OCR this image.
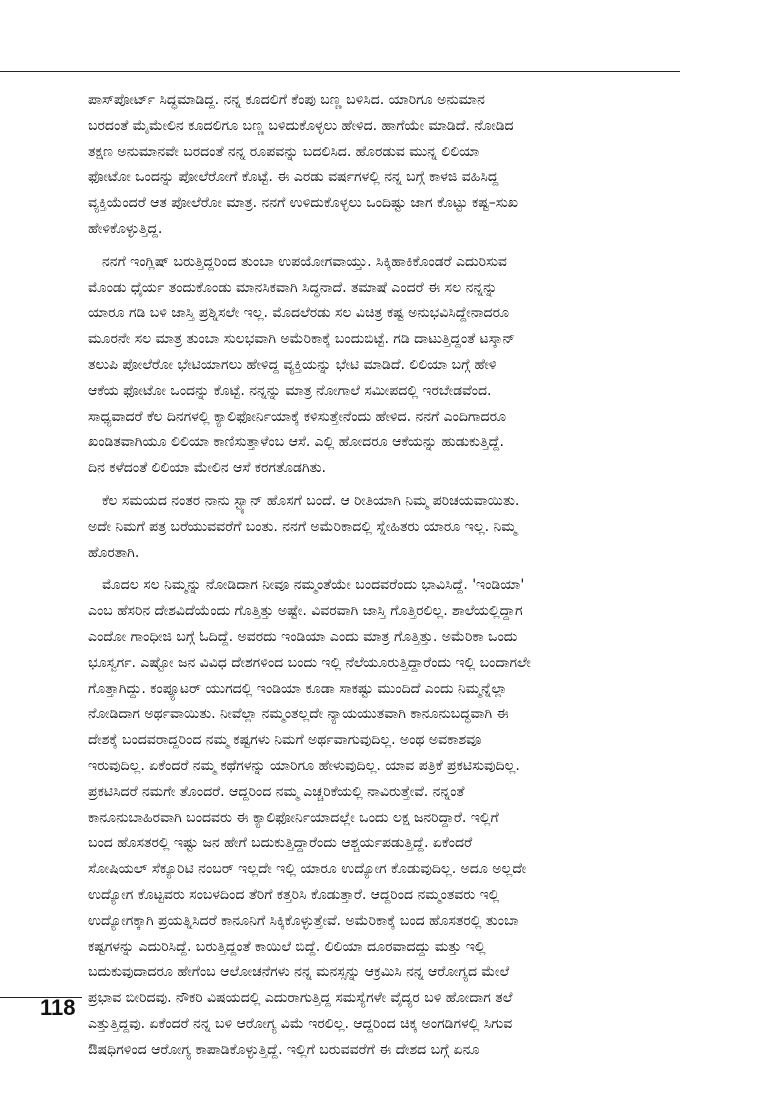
ಪಾಸ್‌ಪೋರ್ಟ್ ಸಿದ್ಧಮಾಡಿದ್ದ. ನನ್ನ ಕೂದಲಿಗೆ ಕೆಂಪು ಬಣ್ಣ ಬಳಿಸಿದ. ಯಾರಿಗೂ ಅನುಮಾನ
ಬರದಂತೆ ಮೈಮೇಲಿನ ಕೂದಲಿಗೂ ಬಣ್ಣ ಬಳಿದುಕೊಳ್ಳಲು ಹೇಳಿದ. ಹಾಗೆಯೇ ಮಾಡಿದೆ. ನೋಡಿದ
ತಕ್ಷಣ ಅನುಮಾನವೇ ಬರದಂತೆ ನನ್ನ ರೂಪವನ್ನು ಬದಲಿಸಿದ. ಹೊರಡುವ ಮುನ್ನ ಲಿಲಿಯಾ
ಫೋಟೋ ಒಂದನ್ನು ಪೋಲೆರೋಗೆ ಕೊಟ್ಟೆ. ಈ ಎರಡು ವರ್ಷಗಳಲ್ಲಿ ನನ್ನ ಬಗ್ಗೆ ಕಾಳಜಿ ವಹಿಸಿದ್ದ
ವ್ಯಕ್ತಿಯೆಂದರೆ ಆತ ಪೋಲೆರೋ ಮಾತ್ರ. ನನಗೆ ಉಳಿದುಕೊಳ್ಳಲು ಒಂದಿಷ್ಟು ಜಾಗ ಕೊಟ್ಟು ಕಷ್ಟ–ಸುಖ
ಹೇಳಿಕೊಳ್ಳುತ್ತಿದ್ದ.
ನನಗೆ ಇಂಗ್ಲಿಷ್ ಬರುತ್ತಿದ್ದರಿಂದ ತುಂಬಾ ಉಪಯೋಗವಾಯ್ತು. ಸಿಕ್ಕಿಹಾಕಿಕೊಂಡರೆ ಎದುರಿಸುವ
ಮೊಂಡು ಧೈರ್ಯ ತಂದುಕೊಂಡು ಮಾನಸಿಕವಾಗಿ ಸಿದ್ಧನಾದೆ. ತಮಾಷೆ ಎಂದರೆ ಈ ಸಲ ನನ್ನನ್ನು
ಯಾರೂ ಗಡಿ ಬಳಿ ಜಾಸ್ತಿ ಪ್ರಶ್ನಿಸಲೇ ಇಲ್ಲ. ಮೊದಲೆರಡು ಸಲ ವಿಚಿತ್ರ ಕಷ್ಟ ಅನುಭವಿಸಿದ್ದೇನಾದರೂ
ಮೂರನೇ ಸಲ ಮಾತ್ರ ತುಂಬಾ ಸುಲಭವಾಗಿ ಅಮೆರಿಕಾಕ್ಕೆ ಬಂದುಬಿಟ್ಟೆ. ಗಡಿ ದಾಟುತ್ತಿದ್ದಂತೆ ಟಸ್ಕಾನ್
ತಲುಪಿ ಪೋಲೆರೋ ಭೇಟಿಯಾಗಲು ಹೇಳಿದ್ದ ವ್ಯಕ್ತಿಯನ್ನು ಭೇಟಿ ಮಾಡಿದೆ. ಲಿಲಿಯಾ ಬಗ್ಗೆ ಹೇಳಿ
ಆಕೆಯ ಫೋಟೋ ಒಂದನ್ನು ಕೊಟ್ಟೆ. ನನ್ನನ್ನು ಮಾತ್ರ ನೋಗಾಲೆ ಸಮೀಪದಲ್ಲಿ ಇರಬೇಡವೆಂದ.
ಸಾಧ್ಯವಾದರೆ ಕೆಲ ದಿನಗಳಲ್ಲಿ ಕ್ಯಾಲಿಫೋರ್ನಿಯಾಕ್ಕೆ ಕಳಿಸುತ್ತೇನೆಂದು ಹೇಳಿದ. ನನಗೆ ಎಂದಿಗಾದರೂ
ಖಂಡಿತವಾಗಿಯೂ ಲಿಲಿಯಾ ಕಾಣಿಸುತ್ತಾಳೆಂಬ ಆಸೆ. ಎಲ್ಲಿ ಹೋದರೂ ಆಕೆಯನ್ನು ಹುಡುಕುತ್ತಿದ್ದೆ.
ದಿನ ಕಳೆದಂತೆ ಲಿಲಿಯಾ ಮೇಲಿನ ಆಸೆ ಕರಗತೊಡಗಿತು.
ಕೆಲ ಸಮಯದ ನಂತರ ನಾನು ಸ್ಟ್ಯಾನ್ ಹೊಸಗೆ ಬಂದೆ. ಆ ರೀತಿಯಾಗಿ ನಿಮ್ಮ ಪರಿಚಯವಾಯಿತು.
ಅದೇ ನಿಮಗೆ ಪತ್ರ ಬರೆಯುವವರೆಗೆ ಬಂತು. ನನಗೆ ಅಮೆರಿಕಾದಲ್ಲಿ ಸ್ನೇಹಿತರು ಯಾರೂ ಇಲ್ಲ. ನಿಮ್ಮ
ಹೊರತಾಗಿ.
ಮೊದಲ ಸಲ ನಿಮ್ಮನ್ನು ನೋಡಿದಾಗ ನೀವೂ ನಮ್ಮಂತೆಯೇ ಬಂದವರೆಂದು ಭಾವಿಸಿದ್ದೆ. 'ಇಂಡಿಯಾ'
ಎಂಬ ಹೆಸರಿನ ದೇಶವಿದೆಯೆಂದು ಗೊತ್ತಿತ್ತು ಅಷ್ಟೇ. ವಿವರವಾಗಿ ಜಾಸ್ತಿ ಗೊತ್ತಿರಲಿಲ್ಲ. ಶಾಲೆಯಲ್ಲಿದ್ದಾಗ
ಎಂದೋ ಗಾಂಧೀಜಿ ಬಗ್ಗೆ ಓದಿದ್ದೆ. ಅವರದು ಇಂಡಿಯಾ ಎಂದು ಮಾತ್ರ ಗೊತ್ತಿತ್ತು. ಅಮೆರಿಕಾ ಒಂದು
ಭೂಸ್ವರ್ಗ. ಎಷ್ಟೋ ಜನ ವಿವಿಧ ದೇಶಗಳಿಂದ ಬಂದು ಇಲ್ಲಿ ನೆಲೆಯೂರುತ್ತಿದ್ದಾರೆಂದು ಇಲ್ಲಿ ಬಂದಾಗಲೇ
ಗೊತ್ತಾಗಿದ್ದು. ಕಂಪ್ಯೂಟರ್ ಯುಗದಲ್ಲಿ ಇಂಡಿಯಾ ಕೂಡಾ ಸಾಕಷ್ಟು ಮುಂದಿದೆ ಎಂದು ನಿಮ್ಮನ್ನೆಲ್ಲಾ
ನೋಡಿದಾಗ ಅರ್ಥವಾಯಿತು. ನೀವೆಲ್ಲಾ ನಮ್ಮಂತಲ್ಲದೇ ನ್ಯಾಯಯುತವಾಗಿ ಕಾನೂನುಬದ್ಧವಾಗಿ ಈ
ದೇಶಕ್ಕೆ ಬಂದವರಾದ್ದರಿಂದ ನಮ್ಮ ಕಷ್ಟಗಳು ನಿಮಗೆ ಅರ್ಥವಾಗುವುದಿಲ್ಲ. ಅಂಥ ಅವಕಾಶವೂ
ಇರುವುದಿಲ್ಲ. ಏಕೆಂದರೆ ನಮ್ಮ ಕಥೆಗಳನ್ನು ಯಾರಿಗೂ ಹೇಳುವುದಿಲ್ಲ. ಯಾವ ಪತ್ರಿಕೆ ಪ್ರಕಟಿಸುವುದಿಲ್ಲ.
ಪ್ರಕಟಿಸಿದರೆ ನಮಗೇ ತೊಂದರೆ. ಆದ್ದರಿಂದ ನಮ್ಮ ಎಚ್ಚರಿಕೆಯಲ್ಲಿ ನಾವಿರುತ್ತೇವೆ. ನನ್ನಂತೆ
ಕಾನೂನುಬಾಹಿರವಾಗಿ ಬಂದವರು ಈ ಕ್ಯಾಲಿಫೋರ್ನಿಯಾದಲ್ಲೇ ಒಂದು ಲಕ್ಷ ಜನರಿದ್ದಾರೆ. ಇಲ್ಲಿಗೆ
ಬಂದ ಹೊಸತರಲ್ಲಿ ಇಷ್ಟು ಜನ ಹೇಗೆ ಬದುಕುತ್ತಿದ್ದಾರೆಂದು ಆಶ್ಚರ್ಯಪಡುತ್ತಿದ್ದೆ. ಏಕೆಂದರೆ
ಸೋಷಿಯಲ್ ಸೆಕ್ಯೂರಿಟಿ ನಂಬರ್ ಇಲ್ಲದೇ ಇಲ್ಲಿ ಯಾರೂ ಉದ್ಯೋಗ ಕೊಡುವುದಿಲ್ಲ. ಅದೂ ಅಲ್ಲದೇ
ಉದ್ಯೋಗ ಕೊಟ್ಟವರು ಸಂಬಳದಿಂದ ತೆರಿಗೆ ಕತ್ತರಿಸಿ ಕೊಡುತ್ತಾರೆ. ಆದ್ದರಿಂದ ನಮ್ಮಂತವರು ಇಲ್ಲಿ
ಉದ್ಯೋಗಕ್ಕಾಗಿ ಪ್ರಯತ್ನಿಸಿದರೆ ಕಾನೂನಿಗೆ ಸಿಕ್ಕಿಕೊಳ್ಳುತ್ತೇವೆ. ಅಮೆರಿಕಾಕ್ಕೆ ಬಂದ ಹೊಸತರಲ್ಲಿ ತುಂಬಾ
ಕಷ್ಟಗಳನ್ನು ಎದುರಿಸಿದ್ದೆ. ಬರುತ್ತಿದ್ದಂತೆ ಕಾಯಿಲೆ ಬಿದ್ದೆ. ಲಿಲಿಯಾ ದೂರವಾದದ್ದು ಮತ್ತು ಇಲ್ಲಿ
ಬದುಕುವುದಾದರೂ ಹೇಗೆಂಬ ಆಲೋಚನೆಗಳು ನನ್ನ ಮನಸ್ಸನ್ನು ಆಕ್ರಮಿಸಿ ನನ್ನ ಆರೋಗ್ಯದ ಮೇಲೆ
ಪ್ರಭಾವ ಬೀರಿದವು. ನೌಕರಿ ವಿಷಯದಲ್ಲಿ ಎದುರಾಗುತ್ತಿದ್ದ ಸಮಸ್ಯೆಗಳೇ ವೈದ್ಯರ ಬಳಿ ಹೋದಾಗ ತಲೆ
ಎತ್ತುತ್ತಿದ್ದವು. ಏಕೆಂದರೆ ನನ್ನ ಬಳಿ ಆರೋಗ್ಯ ವಿಮೆ ಇರಲಿಲ್ಲ. ಆದ್ದರಿಂದ ಚಿಕ್ಕ ಅಂಗಡಿಗಳಲ್ಲಿ ಸಿಗುವ
ಔಷಧಿಗಳಿಂದ ಆರೋಗ್ಯ ಕಾಪಾಡಿಕೊಳ್ಳುತ್ತಿದ್ದೆ. ಇಲ್ಲಿಗೆ ಬರುವವರೆಗೆ ಈ ದೇಶದ ಬಗ್ಗೆ ಏನೂ
118
